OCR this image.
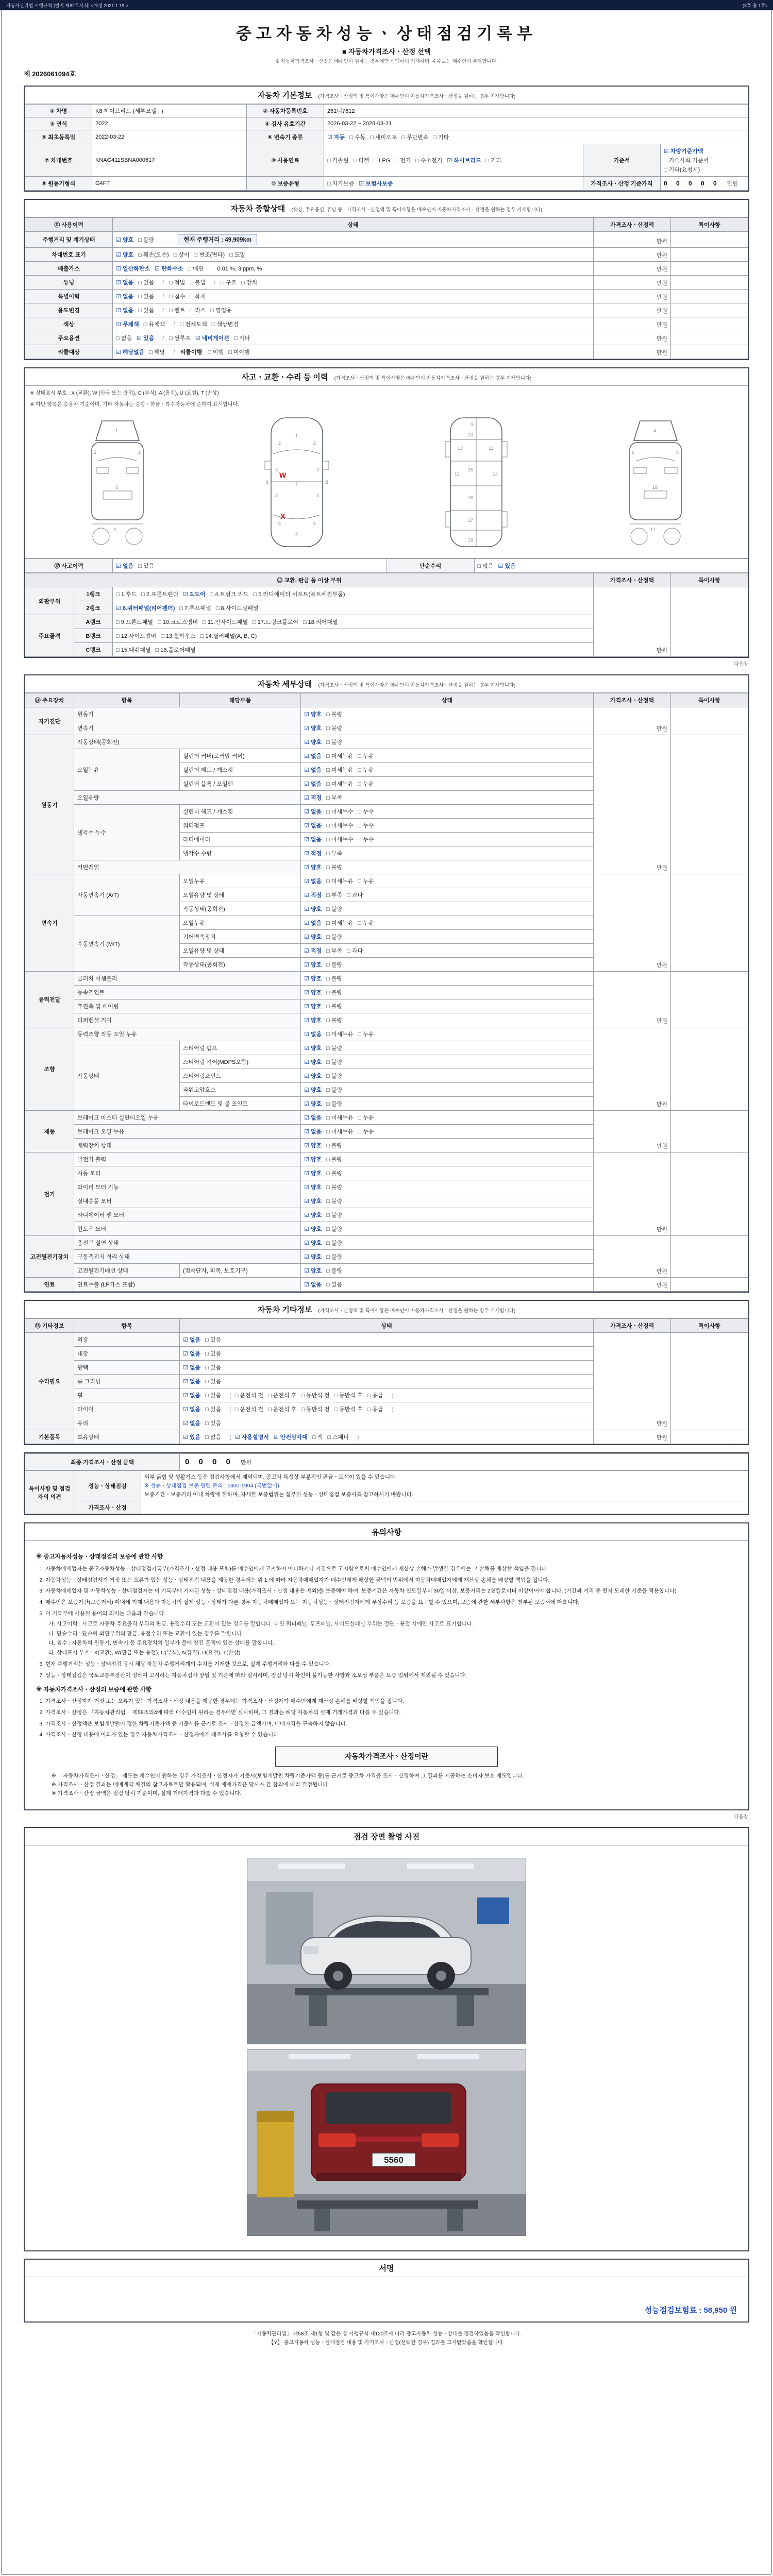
자동차관리법 시행규칙 [별지 제82호서식] <개정 2021.1.19.>	(3쪽 중 1쪽)
중고자동차성능ㆍ상태점검기록부
■ 자동차가격조사ㆍ산정 선택
※ 자동차가격조사ㆍ산정은 매수인이 원하는 경우에만 선택하여 기재하며, 수수료는 매수인이 부담합니다.
제 2026061094호
자동차 기본정보 (가격조사ㆍ산정액 및 특이사항은 매수인이 자동차가격조사ㆍ산정을 원하는 경우 기재합니다)
① 차명	K8 하이브리드 (세부모델 : )	② 자동차등록번호	261너7612		
③ 연식	2022	④ 검사 유효기간	2026-03-22 ~ 2028-03-21		
⑤ 최초등록일	2022-03-22	⑥ 변속기 종류	☑ 자동 □ 수동 □ 세미오토 □ 무단변속 □ 기타		
⑦ 차대번호	KNAG411SBNA000617	⑧ 사용연료	□ 가솔린 □ 디젤 □ LPG □ 전기 □ 수소전기 ☑ 하이브리드 □ 기타	기준서	☑ 차량기준가액□ 기술사회 기준서□ 기타(요청시)
⑨ 원동기형식	G4FT	⑩ 보증유형	□ 자가보증 ☑ 보험사보증	가격조사ㆍ산정 기준가격	0 0 0 0 0 만원
자동차 종합상태 (색상, 주요옵션, 튜닝 등 - 가격조사ㆍ산정액 및 특이사항은 매수인이 자동차가격조사ㆍ산정을 원하는 경우 기재합니다)
⑪ 사용이력	상태	가격조사ㆍ산정액	특이사항
주행거리 및 계기상태	☑ 양호 □ 불량 현재 주행거리 : 49,909km	만원	
차대번호 표기	☑ 양호 □ 훼손(오손) □ 상이 □ 변조(변타) □ 도말	만원	
배출가스	☑ 일산화탄소 ☑ 탄화수소 □ 매연 0.01 %, 3 ppm, %	만원	
튜닝	☑ 없음 □ 있음 / □ 적법 □ 불법 / □ 구조 □ 장치	만원	
특별이력	☑ 없음 □ 있음 / □ 침수 □ 화재	만원	
용도변경	☑ 없음 □ 있음 / □ 렌트 □ 리스 □ 영업용	만원	
색상	☑ 무채색 □ 유채색 / □ 전체도색 □ 색상변경	만원	
주요옵션	□ 없음 ☑ 있음 / □ 썬루프 ☑ 네비게이션 □ 기타	만원	
리콜대상	☑ 해당없음 □ 해당 / 리콜이행 □ 이행 □ 미이행	만원	
사고ㆍ교환ㆍ수리 등 이력 (가격조사ㆍ산정액 및 특이사항은 매수인이 자동차가격조사ㆍ산정을 원하는 경우 기재합니다)
※ 상태표시 부호 : X (교환), W (판금 또는 용접), C (부식), A (흠집), U (요철), T (손상)
※ 하단 항목은 승용차 기준이며, 기타 자동차는 승합ㆍ화물ㆍ특수자동차에 준하여 표시합니다.
1
2	2
5
9
1
2	2
3	3
3	3
7
6	6
4
8	8
W
X
9
10
13	11
12	14
15
16
17
18
4
6	6
18
17
⑫ 사고이력	☑ 없음 □ 있음	단순수리	□ 없음 ☑ 있음
⑬ 교환, 판금 등 이상 부위			가격조사ㆍ산정액	특이사항
외판부위	1랭크	□ 1.후드 □ 2.프론트펜더 ☑ 3.도어 □ 4.트렁크 리드 □ 5.라디에이터 서포트(볼트체결부품)	만원	
	2랭크	☑ 6.쿼터패널(리어펜더) □ 7.루프패널 □ 8.사이드실패널		
주요골격	A랭크	□ 9.프론트패널 □ 10.크로스멤버 □ 11.인사이드패널 □ 17.트렁크플로어 □ 18.리어패널		
	B랭크	□ 12.사이드멤버 □ 13.휠하우스 □ 14.필러패널(A, B, C)		
	C랭크	□ 15.대쉬패널 □ 16.플로어패널		
다음장
자동차 세부상태 (가격조사ㆍ산정액 및 특이사항은 매수인이 자동차가격조사ㆍ산정을 원하는 경우 기재합니다)
⑭ 주요장치	항목	해당부품	상태	가격조사ㆍ산정액	특이사항
자기진단	원동기		☑ 양호 □ 불량	만원	
	변속기		☑ 양호 □ 불량		
원동기	작동상태(공회전)		☑ 양호 □ 불량	만원	
	오일누유	실린더 커버(로커암 커버)	☑ 없음 □ 미세누유 □ 누유		
		실린더 헤드 / 개스킷	☑ 없음 □ 미세누유 □ 누유		
		실린더 블록 / 오일팬	☑ 없음 □ 미세누유 □ 누유		
	오일유량		☑ 적정 □ 부족		
	냉각수 누수	실린더 헤드 / 개스킷	☑ 없음 □ 미세누수 □ 누수		
		워터펌프	☑ 없음 □ 미세누수 □ 누수		
		라디에이터	☑ 없음 □ 미세누수 □ 누수		
		냉각수 수량	☑ 적정 □ 부족		
	커먼레일		☑ 양호 □ 불량		
변속기	자동변속기 (A/T)	오일누유	☑ 없음 □ 미세누유 □ 누유	만원	
		오일유량 및 상태	☑ 적정 □ 부족 □ 과다		
		작동상태(공회전)	☑ 양호 □ 불량		
	수동변속기 (M/T)	오일누유	☑ 없음 □ 미세누유 □ 누유		
		기어변속장치	☑ 양호 □ 불량		
		오일유량 및 상태	☑ 적정 □ 부족 □ 과다		
		작동상태(공회전)	☑ 양호 □ 불량		
동력전달	클러치 어셈블리		☑ 양호 □ 불량	만원	
	등속조인트		☑ 양호 □ 불량		
	추진축 및 베어링		☑ 양호 □ 불량		
	디퍼렌셜 기어		☑ 양호 □ 불량		
조향	동력조향 작동 오일 누유		☑ 없음 □ 미세누유 □ 누유	만원	
	작동상태	스티어링 펌프	☑ 양호 □ 불량		
		스티어링 기어(MDPS포함)	☑ 양호 □ 불량		
		스티어링조인트	☑ 양호 □ 불량		
		파워고압호스	☑ 양호 □ 불량		
		타이로드엔드 및 볼 조인트	☑ 양호 □ 불량		
제동	브레이크 마스터 실린더오일 누유		☑ 없음 □ 미세누유 □ 누유	만원	
	브레이크 오일 누유		☑ 없음 □ 미세누유 □ 누유		
	배력장치 상태		☑ 양호 □ 불량		
전기	발전기 출력		☑ 양호 □ 불량	만원	
	시동 모터		☑ 양호 □ 불량		
	와이퍼 모터 기능		☑ 양호 □ 불량		
	실내송풍 모터		☑ 양호 □ 불량		
	라디에이터 팬 모터		☑ 양호 □ 불량		
	윈도우 모터		☑ 양호 □ 불량		
고전원전기장치	충전구 절연 상태		☑ 양호 □ 불량	만원	
	구동축전지 격리 상태		☑ 양호 □ 불량		
	고전원전기배선 상태	(접속단자, 피복, 보호기구)	☑ 양호 □ 불량		
연료	연료누출 (LP가스 포함)		☑ 없음 □ 있음	만원	
자동차 기타정보 (가격조사ㆍ산정액 및 특이사항은 매수인이 자동차가격조사ㆍ산정을 원하는 경우 기재합니다)
⑮ 기타정보	항목	상태	가격조사ㆍ산정액	특이사항
수리필요	외장	☑ 없음 □ 있음	만원	
	내장	☑ 없음 □ 있음		
	광택	☑ 없음 □ 있음		
	룸 크리닝	☑ 없음 □ 있음		
	휠	☑ 없음 □ 있음 ( □ 운전석 전 □ 운전석 후 □ 동반석 전 □ 동반석 후 □ 응급 )		
	타이어	☑ 없음 □ 있음 ( □ 운전석 전 □ 운전석 후 □ 동반석 전 □ 동반석 후 □ 응급 )		
	유리	☑ 없음 □ 있음		
기본품목	보유상태	☑ 있음 □ 없음 ( ☑ 사용설명서 ☑ 안전삼각대 □ 잭 □ 스패너 )	만원	
최종 가격조사ㆍ산정 금액	0 0 0 0 만원
특이사항 및 점검자의 의견	성능ㆍ상태점검	외부 긁힘 및 생활기스 등은 점검사항에서 제외되며, 중고차 특성상 부분적인 판금ㆍ도색이 있을 수 있습니다.
※ 성능ㆍ상태점검 보증 관련 문의 : 1600-1994 (국번없이)
보증기간ㆍ보증거리 이내 차량에 한하며, 자세한 보증범위는 첨부된 성능ㆍ상태점검 보증서를 참고하시기 바랍니다.

	가격조사ㆍ산정	
유의사항
※ 중고자동차성능ㆍ상태점검의 보증에 관한 사항
1. 자동차매매업자는 중고자동차성능ㆍ상태점검기록부(가격조사ㆍ산정 내용 포함)를 매수인에게 고지하지 아니하거나 거짓으로 고지함으로써 매수인에게 재산상 손해가 발생한 경우에는 그 손해를 배상할 책임을 집니다.
2. 자동차성능ㆍ상태점검자가 거짓 또는 오류가 있는 성능ㆍ상태점검 내용을 제공한 경우에는 위 1.에 따라 자동차매매업자가 매수인에게 배상한 금액의 범위에서 자동차매매업자에게 재산상 손해를 배상할 책임을 집니다.
3. 자동차매매업자 및 자동차성능ㆍ상태점검자는 이 기록부에 기재된 성능ㆍ상태점검 내용(가격조사ㆍ산정 내용은 제외)을 보증해야 하며, 보증기간은 자동차 인도일부터 30일 이상, 보증거리는 2천킬로미터 이상이어야 합니다. (기간과 거리 중 먼저 도래한 기준을 적용합니다)
4. 매수인은 보증기간(보증거리) 이내에 기재 내용과 자동차의 실제 성능ㆍ상태가 다른 경우 자동차매매업자 또는 자동차성능ㆍ상태점검자에게 무상수리 등 보증을 요구할 수 있으며, 보증에 관한 세부사항은 첨부된 보증서에 따릅니다.
5. 이 기록부에 사용된 용어의 의미는 다음과 같습니다.
가. 사고이력 : 사고로 자동차 주요골격 부위의 판금, 용접수리 또는 교환이 있는 경우를 말합니다. 다만 쿼터패널, 루프패널, 사이드실패널 부위는 절단ㆍ용접 시에만 사고로 표기합니다.
나. 단순수리 : 단순히 외판부위의 판금, 용접수리 또는 교환이 있는 경우를 말합니다.
다. 침수 : 자동차의 원동기, 변속기 등 주요장치의 일부가 물에 잠긴 흔적이 있는 상태를 말합니다.
라. 상태표시 부호 : X(교환), W(판금 또는 용접), C(부식), A(흠집), U(요철), T(손상)
6. 현재 주행거리는 성능ㆍ상태점검 당시 해당 자동차 주행거리계의 수치를 기재한 것으로, 실제 주행거리와 다를 수 있습니다.
7. 성능ㆍ상태점검은 국토교통부장관이 정하여 고시하는 자동차검사 방법 및 기준에 따라 실시하며, 점검 당시 확인이 불가능한 사항과 소모성 부품은 보증 범위에서 제외될 수 있습니다.
※ 자동차가격조사ㆍ산정의 보증에 관한 사항
1. 가격조사ㆍ산정자가 거짓 또는 오류가 있는 가격조사ㆍ산정 내용을 제공한 경우에는 가격조사ㆍ산정자가 매수인에게 재산상 손해를 배상할 책임을 집니다.
2. 가격조사ㆍ산정은 「자동차관리법」 제58조의4에 따라 매수인이 원하는 경우에만 실시하며, 그 결과는 해당 자동차의 실제 거래가격과 다를 수 있습니다.
3. 가격조사ㆍ산정액은 보험개발원이 정한 차량기준가액 등 기준서를 근거로 조사ㆍ산정한 금액이며, 매매가격을 구속하지 않습니다.
4. 가격조사ㆍ산정 내용에 이의가 있는 경우 자동차가격조사ㆍ산정자에게 재조사를 요청할 수 있습니다.
자동차가격조사ㆍ산정이란
※ 「자동차가격조사ㆍ산정」 제도는 매수인이 원하는 경우 가격조사ㆍ산정자가 기준서(보험개발원 차량기준가액 등)를 근거로 중고차 가격을 조사ㆍ산정하여 그 결과를 제공하는 소비자 보호 제도입니다.
※ 가격조사ㆍ산정 결과는 매매계약 체결의 참고자료로만 활용되며, 실제 매매가격은 당사자 간 합의에 따라 결정됩니다.
※ 가격조사ㆍ산정 금액은 점검 당시 기준이며, 실제 거래가격과 다를 수 있습니다.
다음장
점검 장면 촬영 사진
5560
서명
성능점검보험료 : 58,950 원
「자동차관리법」 제58조 제1항 및 같은 법 시행규칙 제120조에 따라 중고자동차 성능ㆍ상태를 점검하였음을 확인합니다.
【Y】 중고자동차 성능ㆍ상태점검 내용 및 가격조사ㆍ산정(선택한 경우) 결과를 고지받았음을 확인합니다.
